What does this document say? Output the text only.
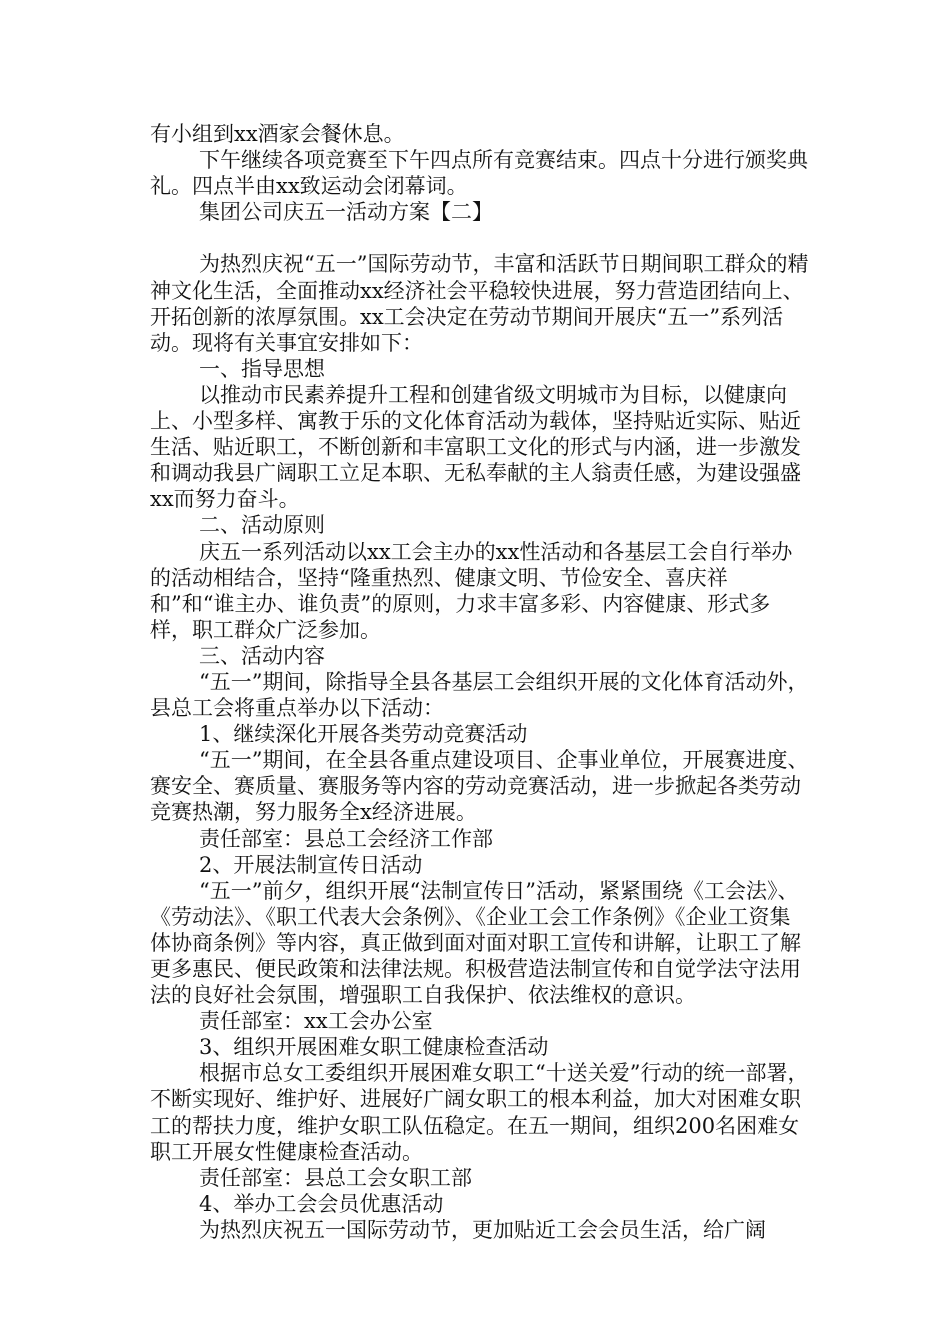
有小组到xx酒家会餐休息。

下午继续各项竞赛至下午四点所有竞赛结束。四点十分进行颁奖典礼。四点半由xx致运动会闭幕词。

集团公司庆五一活动方案【二】

为热烈庆祝“五一”国际劳动节，丰富和活跃节日期间职工群众的精神文化生活，全面推动xx经济社会平稳较快进展，努力营造团结向上、开拓创新的浓厚氛围。xx工会决定在劳动节期间开展庆“五一”系列活动。现将有关事宜安排如下：

一、指导思想

以推动市民素养提升工程和创建省级文明城市为目标，以健康向上、小型多样、寓教于乐的文化体育活动为载体，坚持贴近实际、贴近生活、贴近职工，不断创新和丰富职工文化的形式与内涵，进一步激发和调动我县广阔职工立足本职、无私奉献的主人翁责任感，为建设强盛xx而努力奋斗。

二、活动原则

庆五一系列活动以xx工会主办的xx性活动和各基层工会自行举办的活动相结合，坚持“隆重热烈、健康文明、节俭安全、喜庆祥和”和“谁主办、谁负责”的原则，力求丰富多彩、内容健康、形式多样，职工群众广泛参加。

三、活动内容

“五一”期间，除指导全县各基层工会组织开展的文化体育活动外，县总工会将重点举办以下活动：

1、继续深化开展各类劳动竞赛活动

“五一”期间，在全县各重点建设项目、企事业单位，开展赛进度、赛安全、赛质量、赛服务等内容的劳动竞赛活动，进一步掀起各类劳动竞赛热潮，努力服务全x经济进展。

责任部室：县总工会经济工作部

2、开展法制宣传日活动

“五一”前夕，组织开展“法制宣传日”活动，紧紧围绕《工会法》、《劳动法》、《职工代表大会条例》、《企业工会工作条例》《企业工资集体协商条例》等内容，真正做到面对面对职工宣传和讲解，让职工了解更多惠民、便民政策和法律法规。积极营造法制宣传和自觉学法守法用法的良好社会氛围，增强职工自我保护、依法维权的意识。

责任部室：xx工会办公室

3、组织开展困难女职工健康检查活动

根据市总女工委组织开展困难女职工“十送关爱”行动的统一部署，不断实现好、维护好、进展好广阔女职工的根本利益，加大对困难女职工的帮扶力度，维护女职工队伍稳定。在五一期间，组织200名困难女职工开展女性健康检查活动。

责任部室：县总工会女职工部

4、举办工会会员优惠活动

为热烈庆祝五一国际劳动节，更加贴近工会会员生活，给广阔
